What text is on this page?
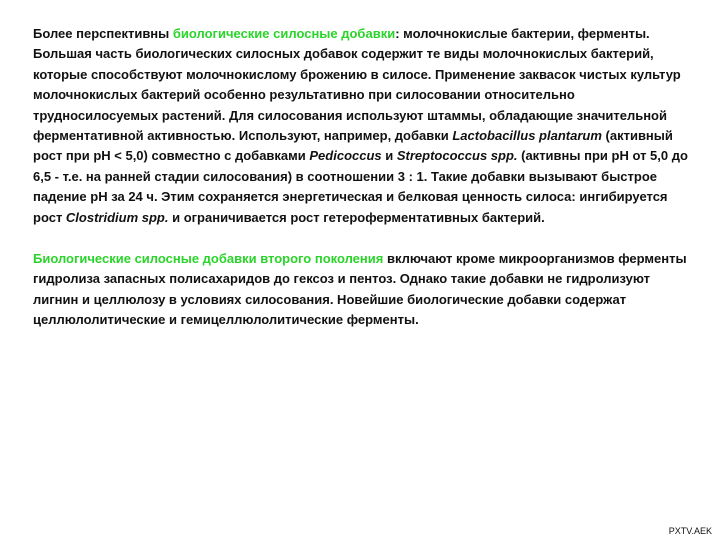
Более перспективны биологические силосные добавки: молочнокислые бактерии, ферменты. Большая часть биологических силосных добавок содержит те виды молочнокислых бактерий, которые способствуют молочнокислому брожению в силосе. Применение заквасок чистых культур молочнокислых бактерий особенно результативно при силосовании относительно трудносилосуемых растений. Для силосования используют штаммы, обладающие значительной ферментативной активностью. Используют, например, добавки Lactobacillus plantarum (активный рост при рН < 5,0) совместно с добавками Pedicoccus и Streptococcus spp. (активны при рН от 5,0 до 6,5 - т.е. на ранней стадии силосования) в соотношении 3 : 1. Такие добавки вызывают быстрое падение рН за 24 ч. Этим сохраняется энергетическая и белковая ценность силоса: ингибируется рост Clostridium spp. и ограничивается рост гетероферментативных бактерий.

Биологические силосные добавки второго поколения включают кроме микроорганизмов ферменты гидролиза запасных полисахаридов до гексоз и пентоз. Однако такие добавки не гидролизуют лигнин и целлюлозу в условиях силосования. Новейшие биологические добавки содержат целлюлолитические и гемицеллюлолитические ферменты.

PXTV.AEK
